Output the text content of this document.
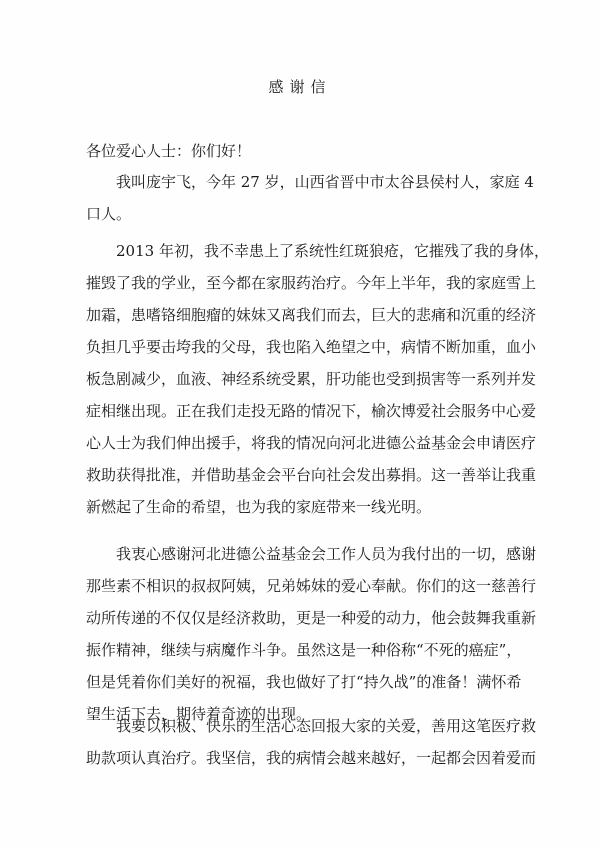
感谢信

各位爱心人士：你们好！

我叫庞宇飞，今年 27 岁，山西省晋中市太谷县侯村人，家庭 4
口人。
2013 年初，我不幸患上了系统性红斑狼疮，它摧残了我的身体，
摧毁了我的学业，至今都在家服药治疗。今年上半年，我的家庭雪上
加霜，患嗜铬细胞瘤的妹妹又离我们而去，巨大的悲痛和沉重的经济
负担几乎要击垮我的父母，我也陷入绝望之中，病情不断加重，血小
板急剧减少，血液、神经系统受累，肝功能也受到损害等一系列并发
症相继出现。正在我们走投无路的情况下，榆次博爱社会服务中心爱
心人士为我们伸出援手，将我的情况向河北进德公益基金会申请医疗
救助获得批准，并借助基金会平台向社会发出募捐。这一善举让我重
新燃起了生命的希望，也为我的家庭带来一线光明。
我衷心感谢河北进德公益基金会工作人员为我付出的一切，感谢
那些素不相识的叔叔阿姨，兄弟姊妹的爱心奉献。你们的这一慈善行
动所传递的不仅仅是经济救助，更是一种爱的动力，他会鼓舞我重新
振作精神，继续与病魔作斗争。虽然这是一种俗称“不死的癌症”，
但是凭着你们美好的祝福，我也做好了打“持久战”的准备！满怀希
望生活下去，期待着奇迹的出现。
我要以积极、快乐的生活心态回报大家的关爱，善用这笔医疗救
助款项认真治疗。我坚信，我的病情会越来越好，一起都会因着爱而
